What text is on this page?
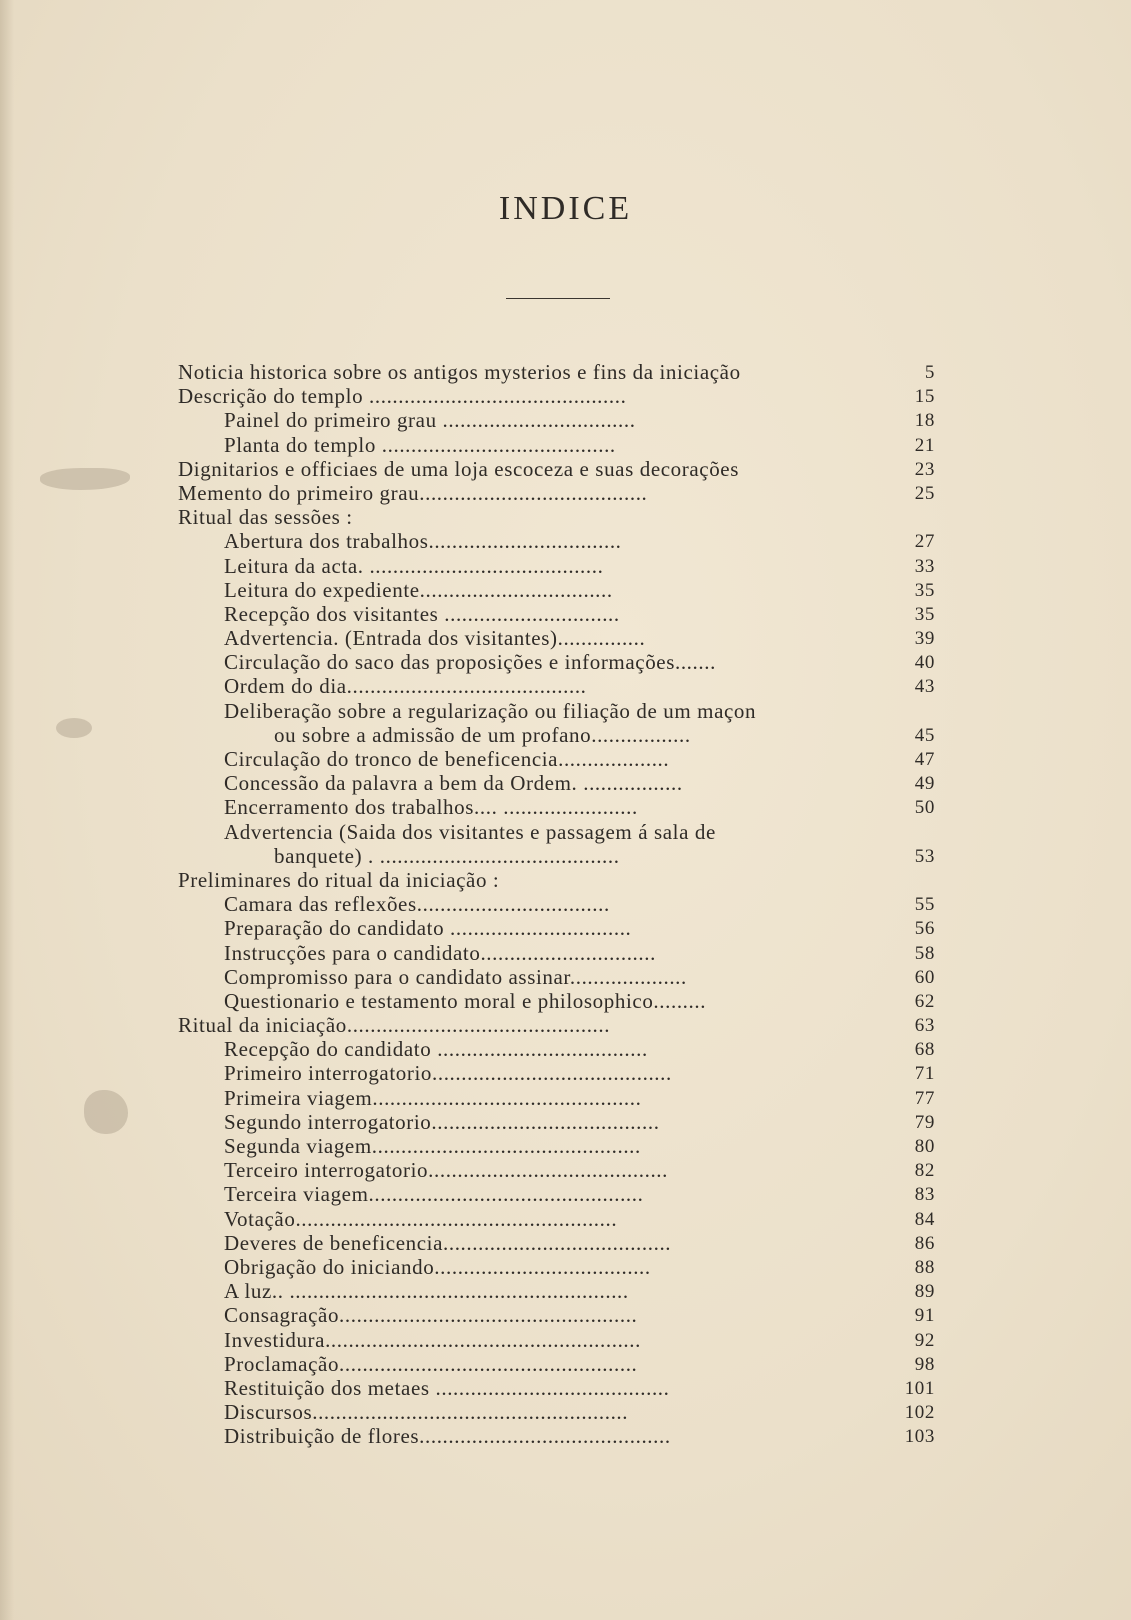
INDICE
Noticia historica sobre os antigos mysterios e fins da iniciação	5
Descrição do templo ............................................	15
Painel do primeiro grau .................................	18
Planta do templo ........................................	21
Dignitarios e officiaes de uma loja escoceza e suas decorações	23
Memento do primeiro grau.......................................	25
Ritual das sessões :
Abertura dos trabalhos.................................	27
Leitura da acta. ........................................	33
Leitura do expediente.................................	35
Recepção dos visitantes ..............................	35
Advertencia. (Entrada dos visitantes)...............	39
Circulação do saco das proposições e informações.......	40
Ordem do dia.........................................	43
Deliberação sobre a regularização ou filiação de um maçon
ou sobre a admissão de um profano.................	45
Circulação do tronco de beneficencia...................	47
Concessão da palavra a bem da Ordem. .................	49
Encerramento dos trabalhos.... .......................	50
Advertencia (Saida dos visitantes e passagem á sala de
banquete) . .........................................	53
Preliminares do ritual da iniciação :
Camara das reflexões.................................	55
Preparação do candidato ...............................	56
Instrucções para o candidato..............................	58
Compromisso para o candidato assinar....................	60
Questionario e testamento moral e philosophico.........	62
Ritual da iniciação.............................................	63
Recepção do candidato ....................................	68
Primeiro interrogatorio.........................................	71
Primeira viagem..............................................	77
Segundo interrogatorio.......................................	79
Segunda viagem..............................................	80
Terceiro interrogatorio.........................................	82
Terceira viagem...............................................	83
Votação.......................................................	84
Deveres de beneficencia.......................................	86
Obrigação do iniciando.....................................	88
A luz.. ..........................................................	89
Consagração...................................................	91
Investidura......................................................	92
Proclamação...................................................	98
Restituição dos metaes ........................................	101
Discursos......................................................	102
Distribuição de flores...........................................	103
